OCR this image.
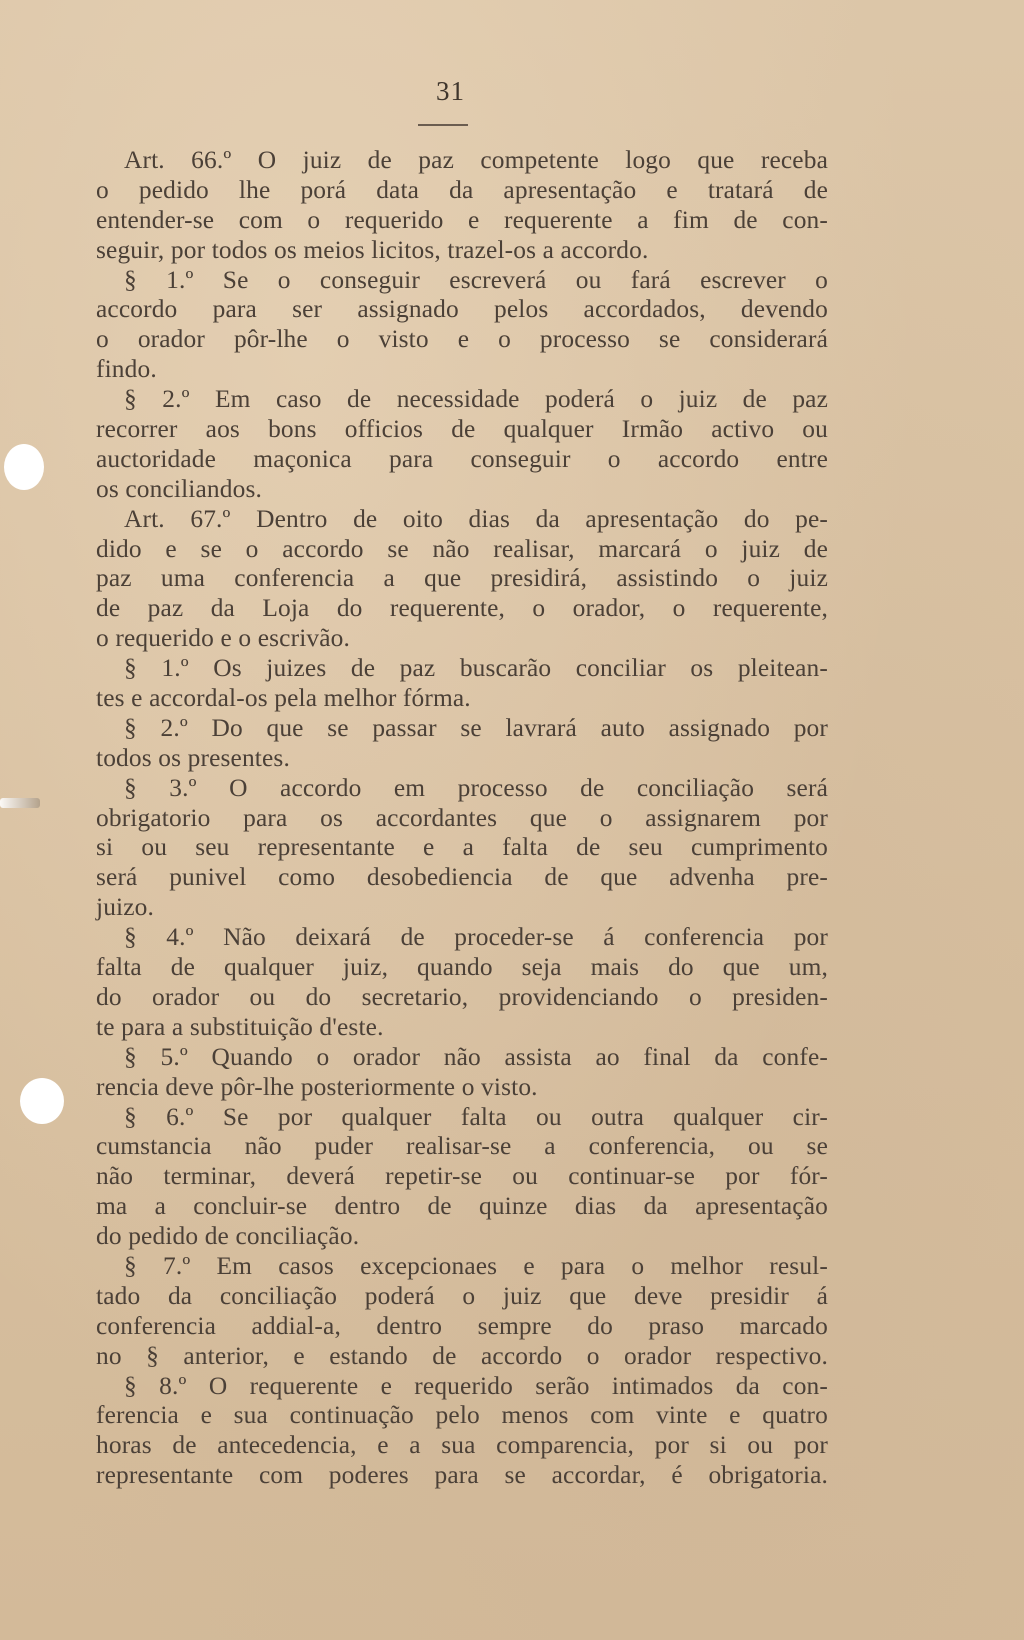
31
Art. 66.º O juiz de paz competente logo que receba
o pedido lhe porá data da apresentação e tratará de
entender-se com o requerido e requerente a fim de con-
seguir, por todos os meios licitos, trazel-os a accordo.
§ 1.º Se o conseguir escreverá ou fará escrever o
accordo para ser assignado pelos accordados, devendo
o orador pôr-lhe o visto e o processo se considerará
findo.
§ 2.º Em caso de necessidade poderá o juiz de paz
recorrer aos bons officios de qualquer Irmão activo ou
auctoridade maçonica para conseguir o accordo entre
os conciliandos.
Art. 67.º Dentro de oito dias da apresentação do pe-
dido e se o accordo se não realisar, marcará o juiz de
paz uma conferencia a que presidirá, assistindo o juiz
de paz da Loja do requerente, o orador, o requerente,
o requerido e o escrivão.
§ 1.º Os juizes de paz buscarão conciliar os pleitean-
tes e accordal-os pela melhor fórma.
§ 2.º Do que se passar se lavrará auto assignado por
todos os presentes.
§ 3.º O accordo em processo de conciliação será
obrigatorio para os accordantes que o assignarem por
si ou seu representante e a falta de seu cumprimento
será punivel como desobediencia de que advenha pre-
juizo.
§ 4.º Não deixará de proceder-se á conferencia por
falta de qualquer juiz, quando seja mais do que um,
do orador ou do secretario, providenciando o presiden-
te para a substituição d'este.
§ 5.º Quando o orador não assista ao final da confe-
rencia deve pôr-lhe posteriormente o visto.
§ 6.º Se por qualquer falta ou outra qualquer cir-
cumstancia não puder realisar-se a conferencia, ou se
não terminar, deverá repetir-se ou continuar-se por fór-
ma a concluir-se dentro de quinze dias da apresentação
do pedido de conciliação.
§ 7.º Em casos excepcionaes e para o melhor resul-
tado da conciliação poderá o juiz que deve presidir á
conferencia addial-a, dentro sempre do praso marcado
no § anterior, e estando de accordo o orador respectivo.
§ 8.º O requerente e requerido serão intimados da con-
ferencia e sua continuação pelo menos com vinte e quatro
horas de antecedencia, e a sua comparencia, por si ou por
representante com poderes para se accordar, é obrigatoria.
